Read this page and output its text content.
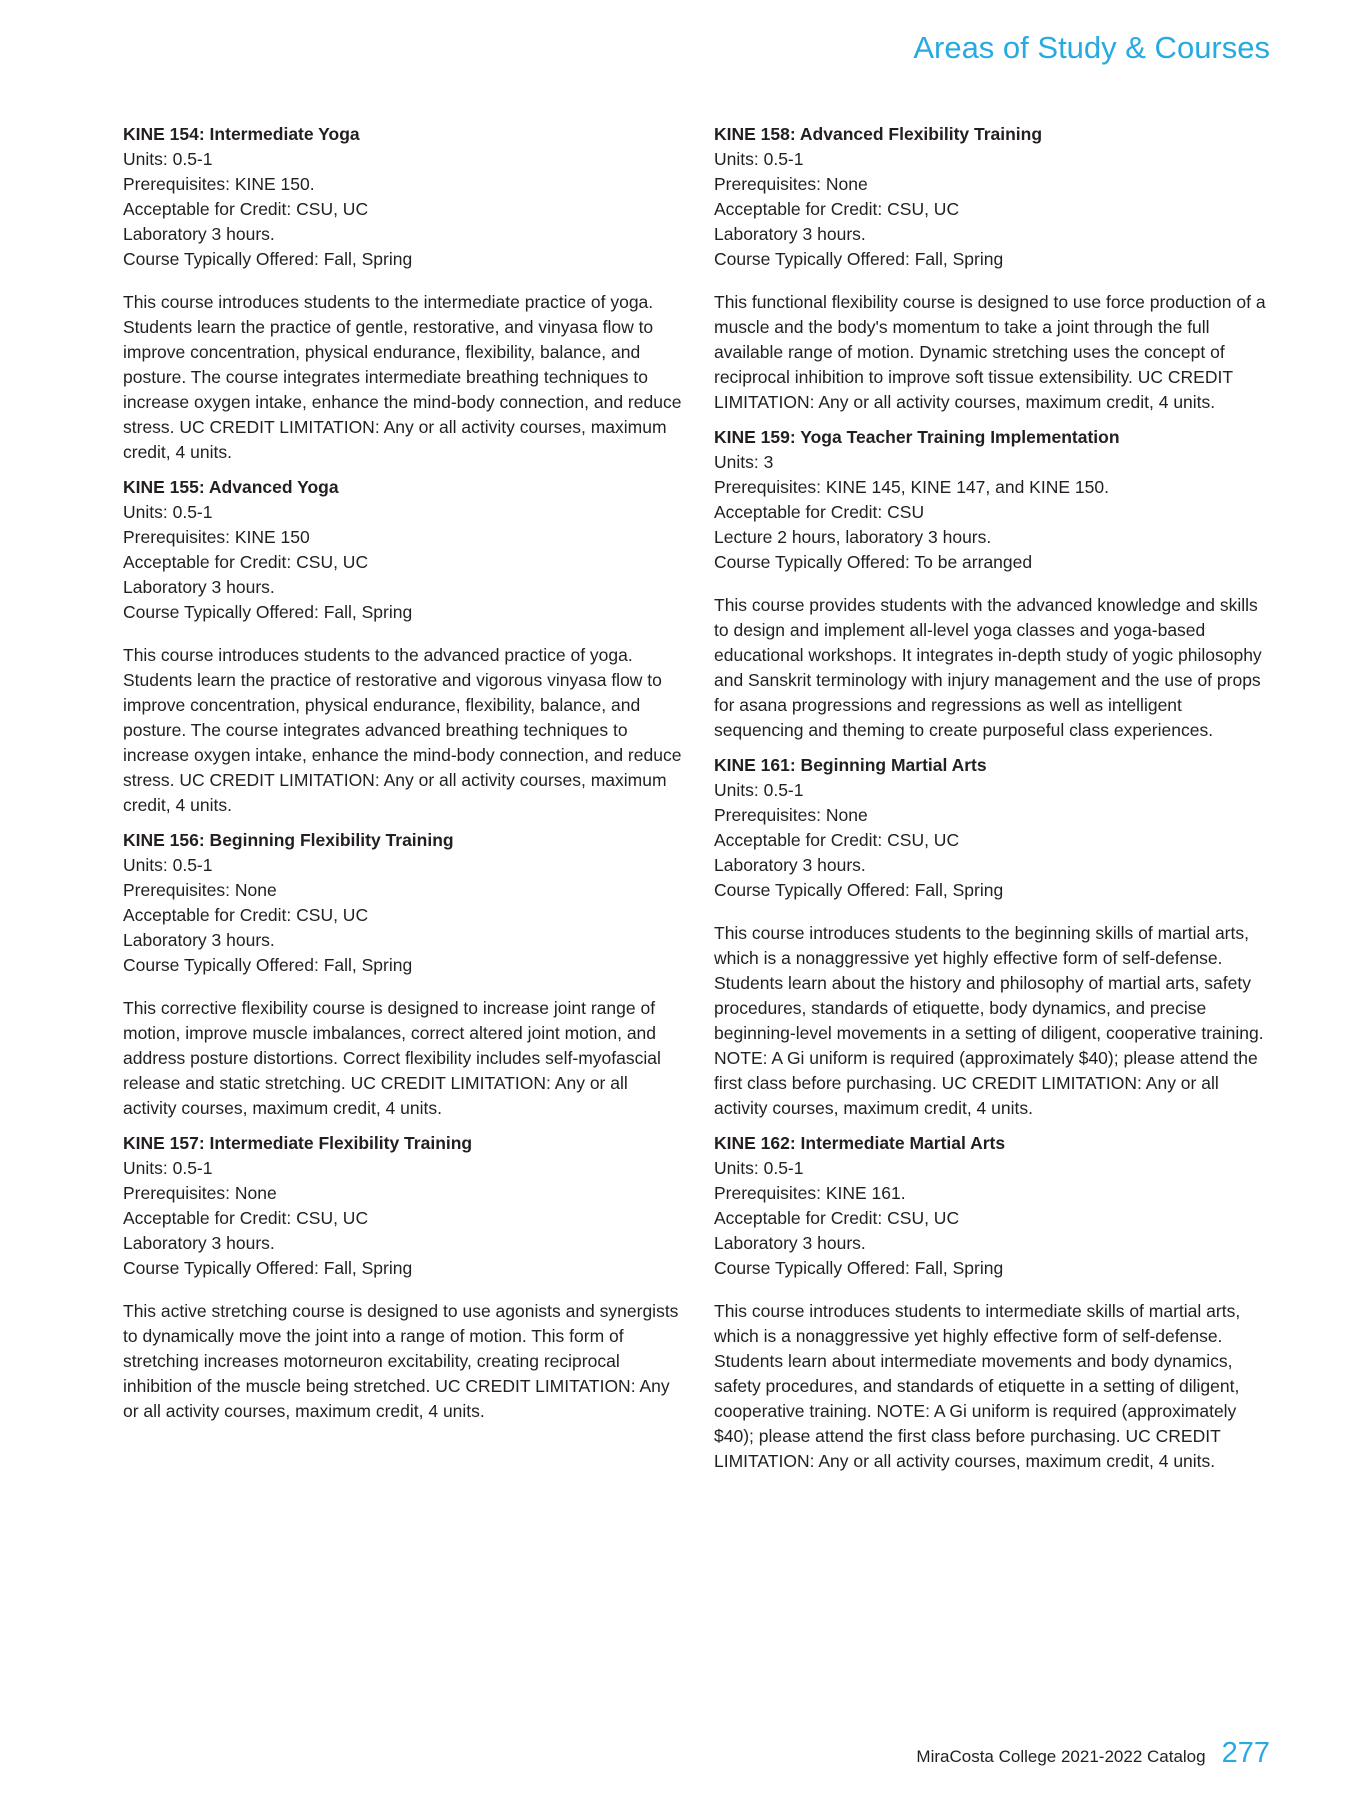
Areas of Study & Courses
KINE 154: Intermediate Yoga
Units: 0.5-1
Prerequisites: KINE 150.
Acceptable for Credit: CSU, UC
Laboratory 3 hours.
Course Typically Offered: Fall, Spring
This course introduces students to the intermediate practice of yoga. Students learn the practice of gentle, restorative, and vinyasa flow to improve concentration, physical endurance, flexibility, balance, and posture. The course integrates intermediate breathing techniques to increase oxygen intake, enhance the mind-body connection, and reduce stress. UC CREDIT LIMITATION: Any or all activity courses, maximum credit, 4 units.
KINE 155: Advanced Yoga
Units: 0.5-1
Prerequisites: KINE 150
Acceptable for Credit: CSU, UC
Laboratory 3 hours.
Course Typically Offered: Fall, Spring
This course introduces students to the advanced practice of yoga. Students learn the practice of restorative and vigorous vinyasa flow to improve concentration, physical endurance, flexibility, balance, and posture. The course integrates advanced breathing techniques to increase oxygen intake, enhance the mind-body connection, and reduce stress. UC CREDIT LIMITATION: Any or all activity courses, maximum credit, 4 units.
KINE 156: Beginning Flexibility Training
Units: 0.5-1
Prerequisites: None
Acceptable for Credit: CSU, UC
Laboratory 3 hours.
Course Typically Offered: Fall, Spring
This corrective flexibility course is designed to increase joint range of motion, improve muscle imbalances, correct altered joint motion, and address posture distortions. Correct flexibility includes self-myofascial release and static stretching. UC CREDIT LIMITATION: Any or all activity courses, maximum credit, 4 units.
KINE 157: Intermediate Flexibility Training
Units: 0.5-1
Prerequisites: None
Acceptable for Credit: CSU, UC
Laboratory 3 hours.
Course Typically Offered: Fall, Spring
This active stretching course is designed to use agonists and synergists to dynamically move the joint into a range of motion. This form of stretching increases motorneuron excitability, creating reciprocal inhibition of the muscle being stretched. UC CREDIT LIMITATION: Any or all activity courses, maximum credit, 4 units.
KINE 158: Advanced Flexibility Training
Units: 0.5-1
Prerequisites: None
Acceptable for Credit: CSU, UC
Laboratory 3 hours.
Course Typically Offered: Fall, Spring
This functional flexibility course is designed to use force production of a muscle and the body's momentum to take a joint through the full available range of motion. Dynamic stretching uses the concept of reciprocal inhibition to improve soft tissue extensibility. UC CREDIT LIMITATION: Any or all activity courses, maximum credit, 4 units.
KINE 159: Yoga Teacher Training Implementation
Units: 3
Prerequisites: KINE 145, KINE 147, and KINE 150.
Acceptable for Credit: CSU
Lecture 2 hours, laboratory 3 hours.
Course Typically Offered: To be arranged
This course provides students with the advanced knowledge and skills to design and implement all-level yoga classes and yoga-based educational workshops. It integrates in-depth study of yogic philosophy and Sanskrit terminology with injury management and the use of props for asana progressions and regressions as well as intelligent sequencing and theming to create purposeful class experiences.
KINE 161: Beginning Martial Arts
Units: 0.5-1
Prerequisites: None
Acceptable for Credit: CSU, UC
Laboratory 3 hours.
Course Typically Offered: Fall, Spring
This course introduces students to the beginning skills of martial arts, which is a nonaggressive yet highly effective form of self-defense. Students learn about the history and philosophy of martial arts, safety procedures, standards of etiquette, body dynamics, and precise beginning-level movements in a setting of diligent, cooperative training. NOTE: A Gi uniform is required (approximately $40); please attend the first class before purchasing. UC CREDIT LIMITATION: Any or all activity courses, maximum credit, 4 units.
KINE 162: Intermediate Martial Arts
Units: 0.5-1
Prerequisites: KINE 161.
Acceptable for Credit: CSU, UC
Laboratory 3 hours.
Course Typically Offered: Fall, Spring
This course introduces students to intermediate skills of martial arts, which is a nonaggressive yet highly effective form of self-defense. Students learn about intermediate movements and body dynamics, safety procedures, and standards of etiquette in a setting of diligent, cooperative training. NOTE: A Gi uniform is required (approximately $40); please attend the first class before purchasing. UC CREDIT LIMITATION: Any or all activity courses, maximum credit, 4 units.
MiraCosta College 2021-2022 Catalog 277
